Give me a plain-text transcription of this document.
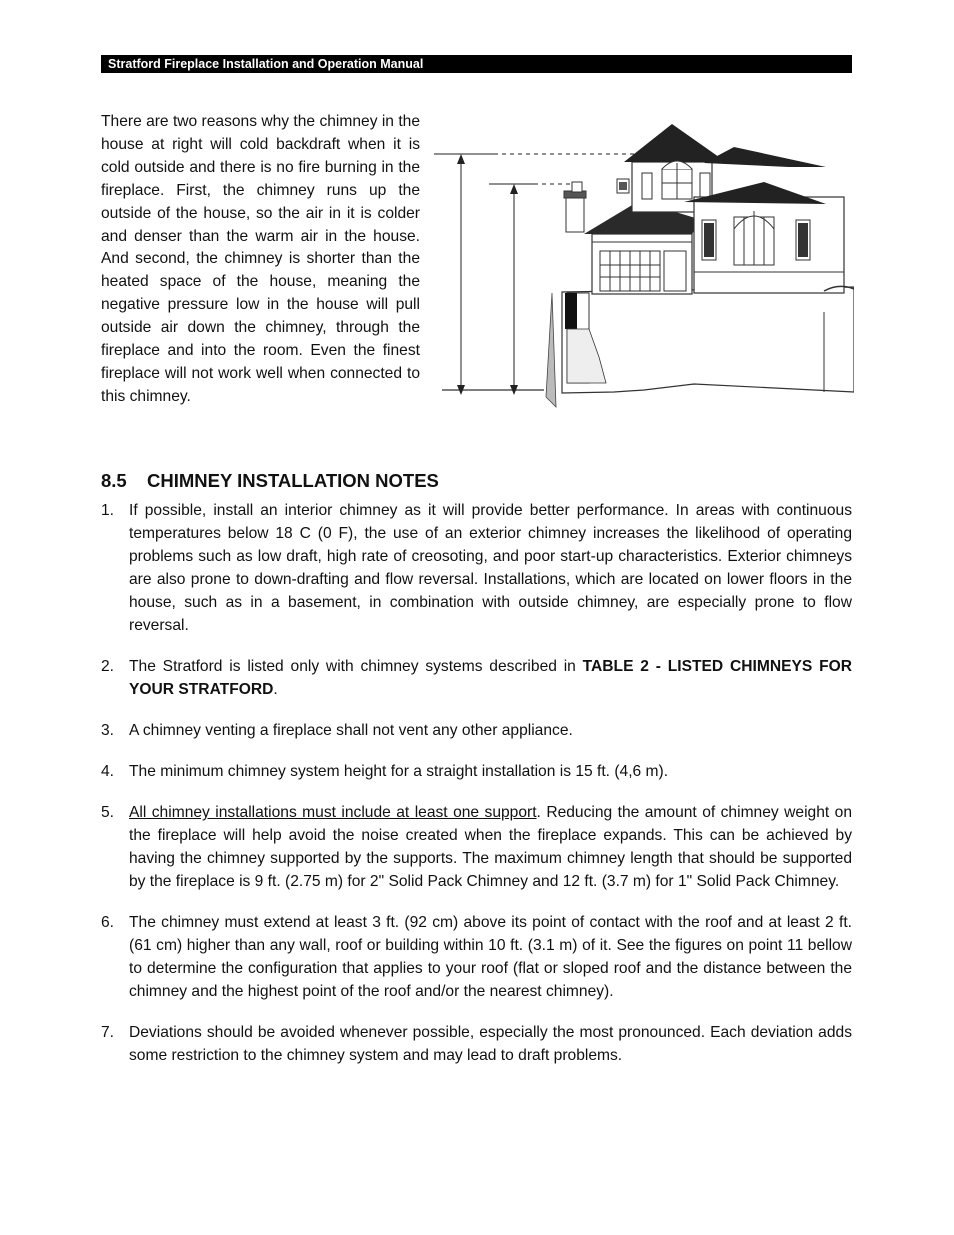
Stratford Fireplace Installation and Operation Manual

There are two reasons why the chimney in the house at right will cold backdraft when it is cold outside and there is no fire burning in the fireplace. First, the chimney runs up the outside of the house, so the air in it is colder and denser than the warm air in the house. And second, the chimney is shorter than the heated space of the house, meaning the negative pressure low in the house will pull outside air down the chimney, through the fireplace and into the room. Even the finest fireplace will not work well when connected to this chimney.

8.5 CHIMNEY INSTALLATION NOTES
1. If possible, install an interior chimney as it will provide better performance. In areas with continuous temperatures below 18 C (0 F), the use of an exterior chimney increases the likelihood of operating problems such as low draft, high rate of creosoting, and poor start-up characteristics. Exterior chimneys are also prone to down-drafting and flow reversal. Installations, which are located on lower floors in the house, such as in a basement, in combination with outside chimney, are especially prone to flow reversal.
2. The Stratford is listed only with chimney systems described in TABLE 2 - LISTED CHIMNEYS FOR YOUR STRATFORD.
3. A chimney venting a fireplace shall not vent any other appliance.
4. The minimum chimney system height for a straight installation is 15 ft. (4,6 m).
5. All chimney installations must include at least one support. Reducing the amount of chimney weight on the fireplace will help avoid the noise created when the fireplace expands. This can be achieved by having the chimney supported by the supports. The maximum chimney length that should be supported by the fireplace is 9 ft. (2.75 m) for 2" Solid Pack Chimney and 12 ft. (3.7 m) for 1" Solid Pack Chimney.
6. The chimney must extend at least 3 ft. (92 cm) above its point of contact with the roof and at least 2 ft. (61 cm) higher than any wall, roof or building within 10 ft. (3.1 m) of it. See the figures on point 11 bellow to determine the configuration that applies to your roof (flat or sloped roof and the distance between the chimney and the highest point of the roof and/or the nearest chimney).
7. Deviations should be avoided whenever possible, especially the most pronounced. Each deviation adds some restriction to the chimney system and may lead to draft problems.
